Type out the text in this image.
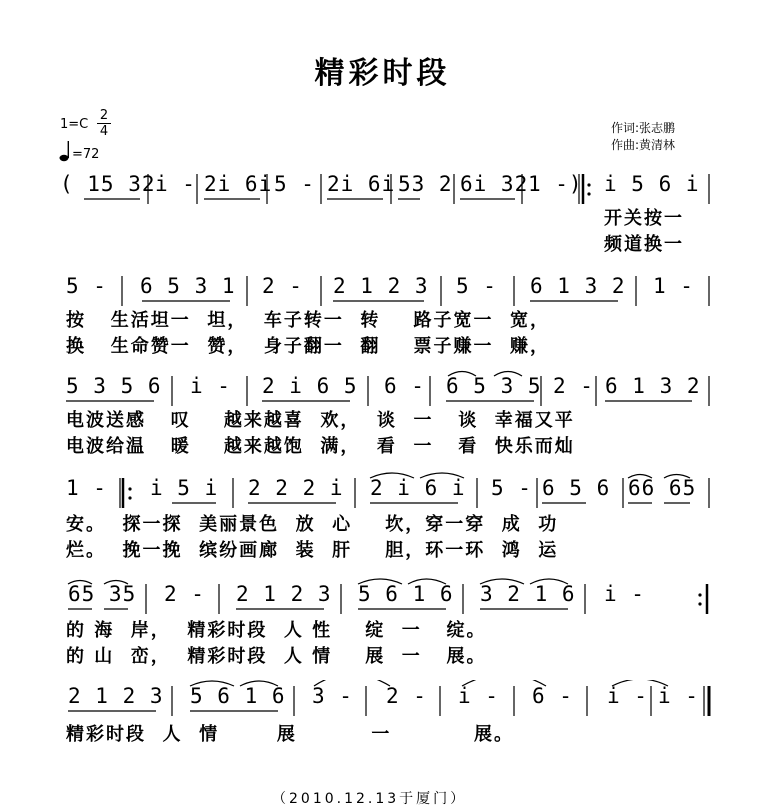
精彩时段
1=C
2
4
=72
作词:张志鹏
作曲:黄清林
( 15 32 i - 2i 6i 5 - 2i 6i 53 2 6i 32 1 -) i 5 6 i
开关按一
频道换一
5 - 6 5 3 1 2 - 2 1 2 3 5 - 6 1 3 2 1 -
按   生活坦一  坦，  车子转一  转    路子宽一  宽，
换   生命赞一  赞，  身子翻一  翻    票子赚一  赚，
5 3 5 6 i - 2 i 6 5 6 - 6 5 3 5 2 - 6 1 3 2
电波送感   叹    越来越喜  欢，  谈  一   谈  幸福又平
电波给温   暖    越来越饱  满，  看  一   看  快乐而灿
1 - i 5 i 2 2 2 i 2 i 6 i 5 - 6 5 6 66 65
安。  探一探  美丽景色  放  心    坎，穿一穿  成  功
烂。  挽一挽  缤纷画廊  装  肝    胆，环一环  鸿  运
65 35 2 - 2 1 2 3 5 6 1 6 3 2 1 6 i -
的 海  岸，  精彩时段  人 性    绽  一   绽。
的 山  峦，  精彩时段  人 情    展  一   展。
2 1 2 3 5 6 1 6 3 - 2 - i - 6 - i - i -
精彩时段  人  情       展         一          展。
（2010.12.13于厦门）
